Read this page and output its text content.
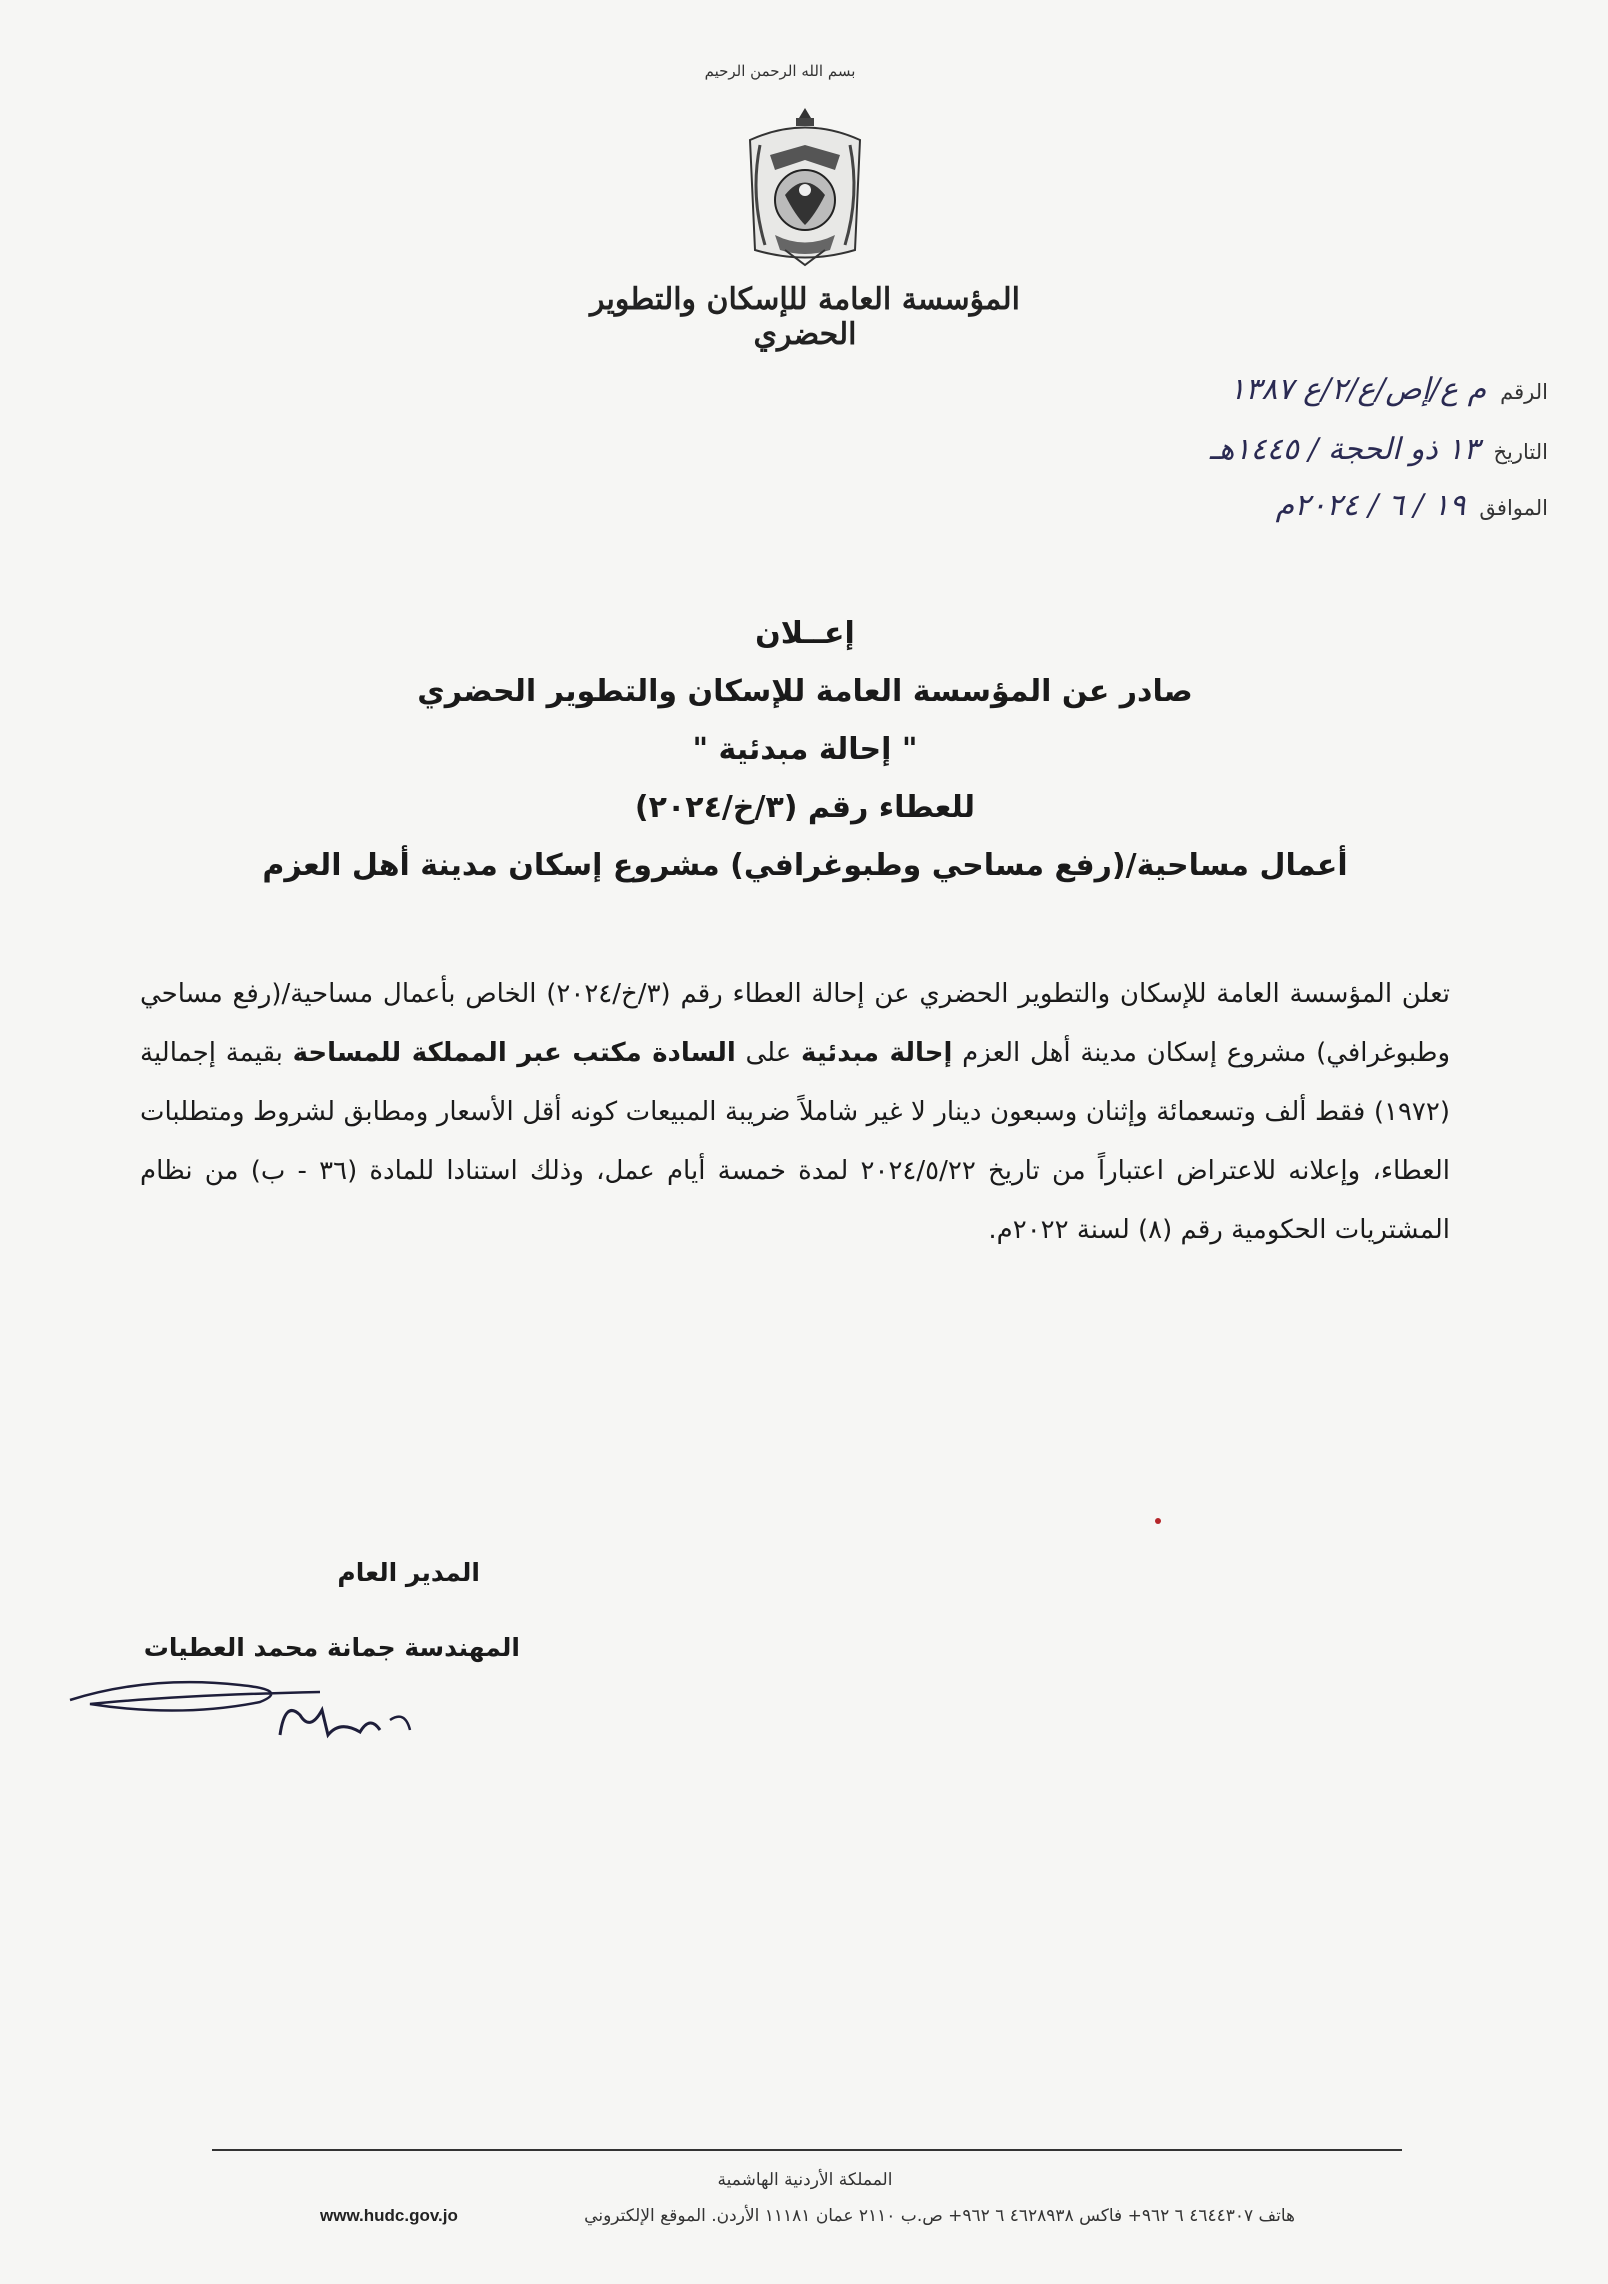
بسم الله الرحمن الرحيم
المؤسسة العامة للإسكان والتطوير الحضري
الرقم
م ع/إص/ع/٢/ع ١٣٨٧
التاريخ
١٣ ذو الحجة / ١٤٤٥هـ
الموافق
١٩ / ٦ / ٢٠٢٤م
إعــلان
صادر عن المؤسسة العامة للإسكان والتطوير الحضري
" إحالة مبدئية "
للعطاء رقم (٣/خ/٢٠٢٤)
أعمال مساحية/(رفع مساحي وطبوغرافي) مشروع إسكان مدينة أهل العزم
تعلن المؤسسة العامة للإسكان والتطوير الحضري عن إحالة العطاء رقم (٣/خ/٢٠٢٤) الخاص بأعمال مساحية/(رفع مساحي وطبوغرافي) مشروع إسكان مدينة أهل العزم إحالة مبدئية على السادة مكتب عبر المملكة للمساحة بقيمة إجمالية (١٩٧٢) فقط ألف وتسعمائة وإثنان وسبعون دينار لا غير شاملاً ضريبة المبيعات كونه أقل الأسعار ومطابق لشروط ومتطلبات العطاء، وإعلانه للاعتراض اعتباراً من تاريخ ٢٠٢٤/٥/٢٢ لمدة خمسة أيام عمل، وذلك استنادا للمادة (٣٦ - ب) من نظام المشتريات الحكومية رقم (٨) لسنة ٢٠٢٢م.
المدير العام
المهندسة جمانة محمد العطيات
المملكة الأردنية الهاشمية
هاتف ٤٦٤٤٣٠٧ ٦ ٩٦٢+ فاكس ٤٦٢٨٩٣٨ ٦ ٩٦٢+ ص.ب ٢١١٠ عمان ١١١٨١ الأردن. الموقع الإلكتروني
www.hudc.gov.jo
